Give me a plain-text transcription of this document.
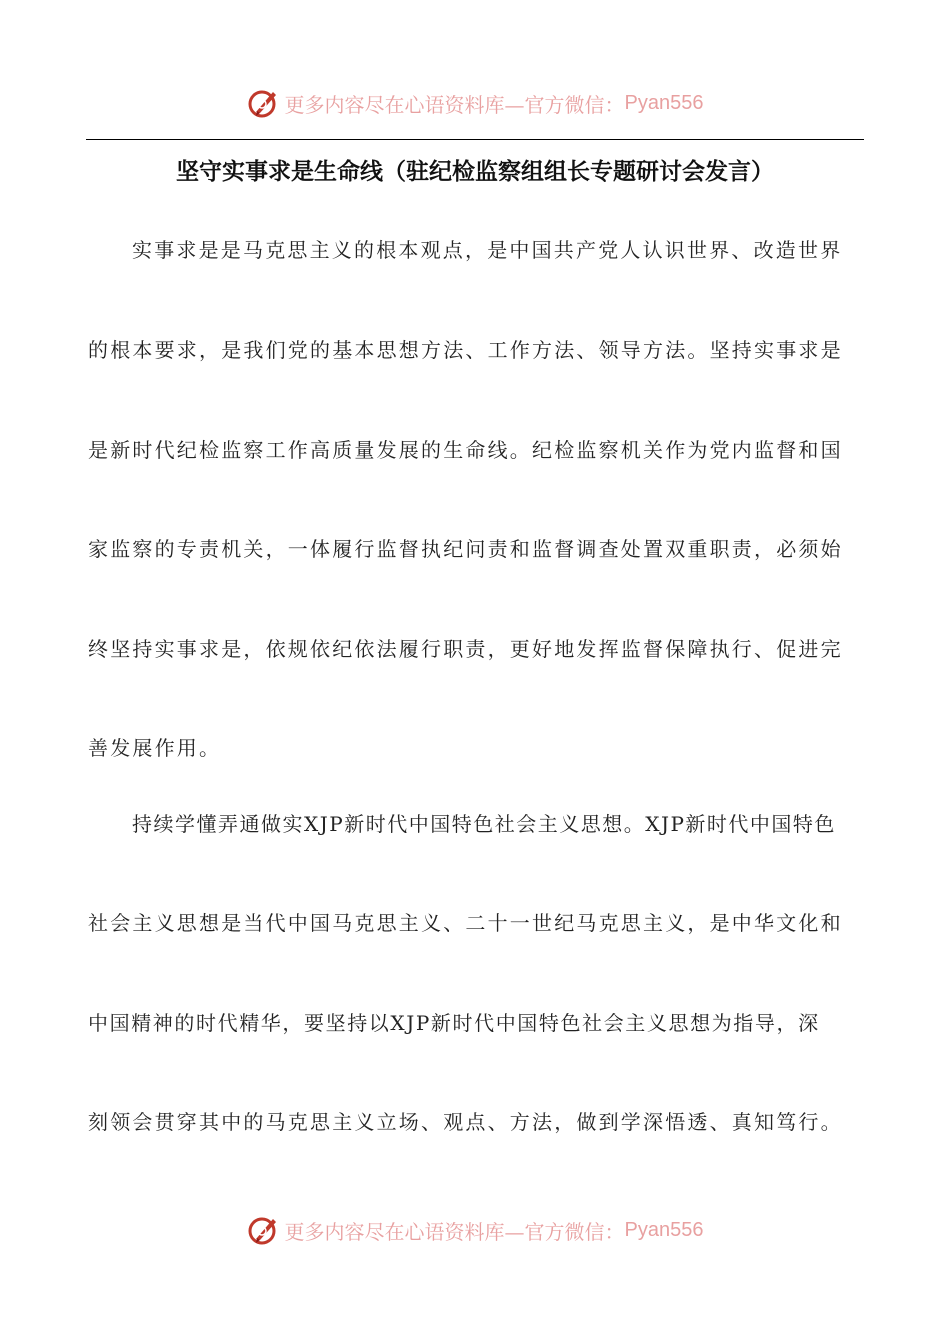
更多内容尽在心语资料库—官方微信： Pyan556
坚守实事求是生命线（驻纪检监察组组长专题研讨会发言）
实事求是是马克思主义的根本观点，是中国共产党人认识世界、改造世界
的根本要求，是我们党的基本思想方法、工作方法、领导方法。坚持实事求是
是新时代纪检监察工作高质量发展的生命线。纪检监察机关作为党内监督和国
家监察的专责机关，一体履行监督执纪问责和监督调查处置双重职责，必须始
终坚持实事求是，依规依纪依法履行职责，更好地发挥监督保障执行、促进完
善发展作用。
持续学懂弄通做实XJP新时代中国特色社会主义思想。XJP新时代中国特色
社会主义思想是当代中国马克思主义、二十一世纪马克思主义，是中华文化和
中国精神的时代精华，要坚持以XJP新时代中国特色社会主义思想为指导，深
刻领会贯穿其中的马克思主义立场、观点、方法，做到学深悟透、真知笃行。
更多内容尽在心语资料库—官方微信： Pyan556
